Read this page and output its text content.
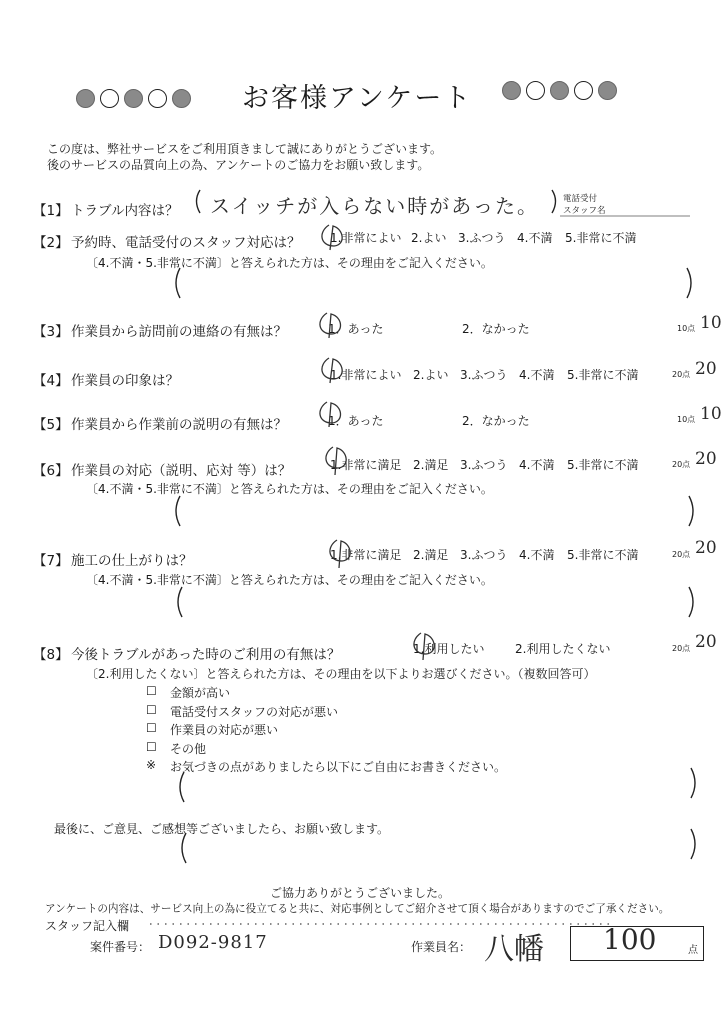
お客様アンケート
この度は、弊社サービスをご利用頂きまして誠にありがとうございます。
後のサービスの品質向上の為、アンケートのご協力をお願い致します。
【1】 トラブル内容は？ スイッチが入らない時があった。	電話受付
スタッフ名
【2】 予約時、電話受付のスタッフ対応は？ 1.非常によい 2.よい 3.ふつう 4.不満 5.非常に不満
〔4.不満・5.非常に不満〕と答えられた方は、その理由をご記入ください。
【3】 作業員から訪問前の連絡の有無は？	1．あった	2．なかった	10点 10
【4】 作業員の印象は？	1.非常によい 2.よい 3.ふつう 4.不満 5.非常に不満	20点 20
【5】 作業員から作業前の説明の有無は？	1．あった	2．なかった	10点 10
【6】 作業員の対応（説明、応対 等）は？	1.非常に満足 2.満足 3.ふつう 4.不満 5.非常に不満	20点 20
〔4.不満・5.非常に不満〕と答えられた方は、その理由をご記入ください。
【7】 施工の仕上がりは？	1.非常に満足 2.満足 3.ふつう 4.不満 5.非常に不満	20点 20
〔4.不満・5.非常に不満〕と答えられた方は、その理由をご記入ください。
【8】 今後トラブルがあった時のご利用の有無は？	1.利用したい	2.利用したくない	20点 20
〔2.利用したくない〕と答えられた方は、その理由を以下よりお選びください。（複数回答可）
☐ 金額が高い
☐ 電話受付スタッフの対応が悪い
☐ 作業員の対応が悪い
☐ その他
※ お気づきの点がありましたら以下にご自由にお書きください。
最後に、ご意見、ご感想等ございましたら、お願い致します。
ご協力ありがとうございました。
アンケートの内容は、サービス向上の為に役立てると共に、対応事例としてご紹介させて頂く場合がありますのでご了承ください。
スタッフ記入欄
案件番号： D092-9817	作業員名： 八幡 100	点
